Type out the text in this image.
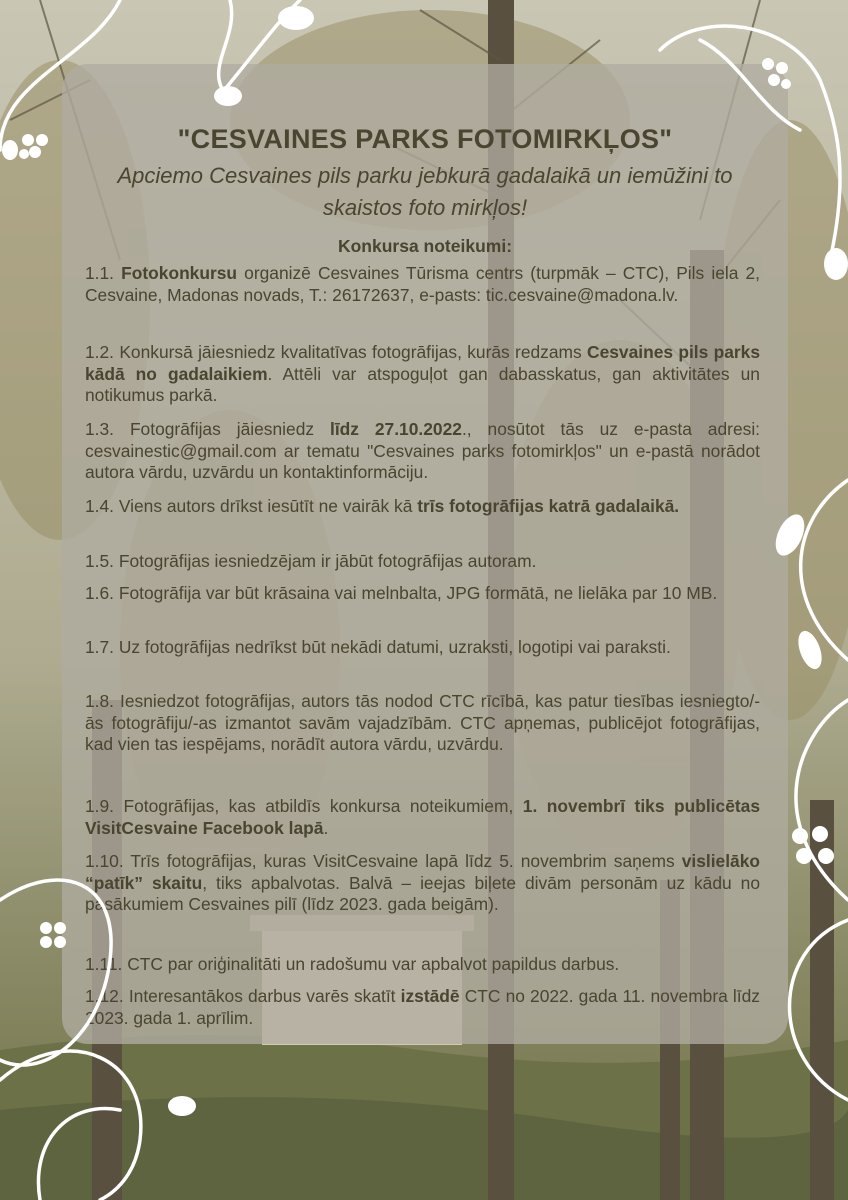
"CESVAINES PARKS FOTOMIRKĻOS"

Apciemo Cesvaines pils parku jebkurā gadalaikā un iemūžini to skaistos foto mirkļos!

Konkursa noteikumi:

1.1. Fotokonkursu organizē Cesvaines Tūrisma centrs (turpmāk – CTC), Pils iela 2, Cesvaine, Madonas novads, T.: 26172637, e-pasts: tic.cesvaine@madona.lv.

1.2. Konkursā jāiesniedz kvalitatīvas fotogrāfijas, kurās redzams Cesvaines pils parks kādā no gadalaikiem. Attēli var atspoguļot gan dabasskatus, gan aktivitātes un notikumus parkā.

1.3. Fotogrāfijas jāiesniedz līdz 27.10.2022., nosūtot tās uz e-pasta adresi: cesvainestic@gmail.com ar tematu "Cesvaines parks fotomirkļos" un e-pastā norādot autora vārdu, uzvārdu un kontaktinformāciju.

1.4. Viens autors drīkst iesūtīt ne vairāk kā trīs fotogrāfijas katrā gadalaikā.

1.5. Fotogrāfijas iesniedzējam ir jābūt fotogrāfijas autoram.

1.6. Fotogrāfija var būt krāsaina vai melnbalta, JPG formātā, ne lielāka par 10 MB.

1.7. Uz fotogrāfijas nedrīkst būt nekādi datumi, uzraksti, logotipi vai paraksti.

1.8. Iesniedzot fotogrāfijas, autors tās nodod CTC rīcībā, kas patur tiesības iesniegto/-ās fotogrāfiju/-as izmantot savām vajadzībām. CTC apņemas, publicējot fotogrāfijas, kad vien tas iespējams, norādīt autora vārdu, uzvārdu.

1.9. Fotogrāfijas, kas atbildīs konkursa noteikumiem, 1. novembrī tiks publicētas VisitCesvaine Facebook lapā.

1.10. Trīs fotogrāfijas, kuras VisitCesvaine lapā līdz 5. novembrim saņems vislielāko “patīk” skaitu, tiks apbalvotas. Balvā – ieejas biļete divām personām uz kādu no pasākumiem Cesvaines pilī (līdz 2023. gada beigām).

1.11. CTC par oriģinalitāti un radošumu var apbalvot papildus darbus.

1.12. Interesantākos darbus varēs skatīt izstādē CTC no 2022. gada 11. novembra līdz 2023. gada 1. aprīlim.
